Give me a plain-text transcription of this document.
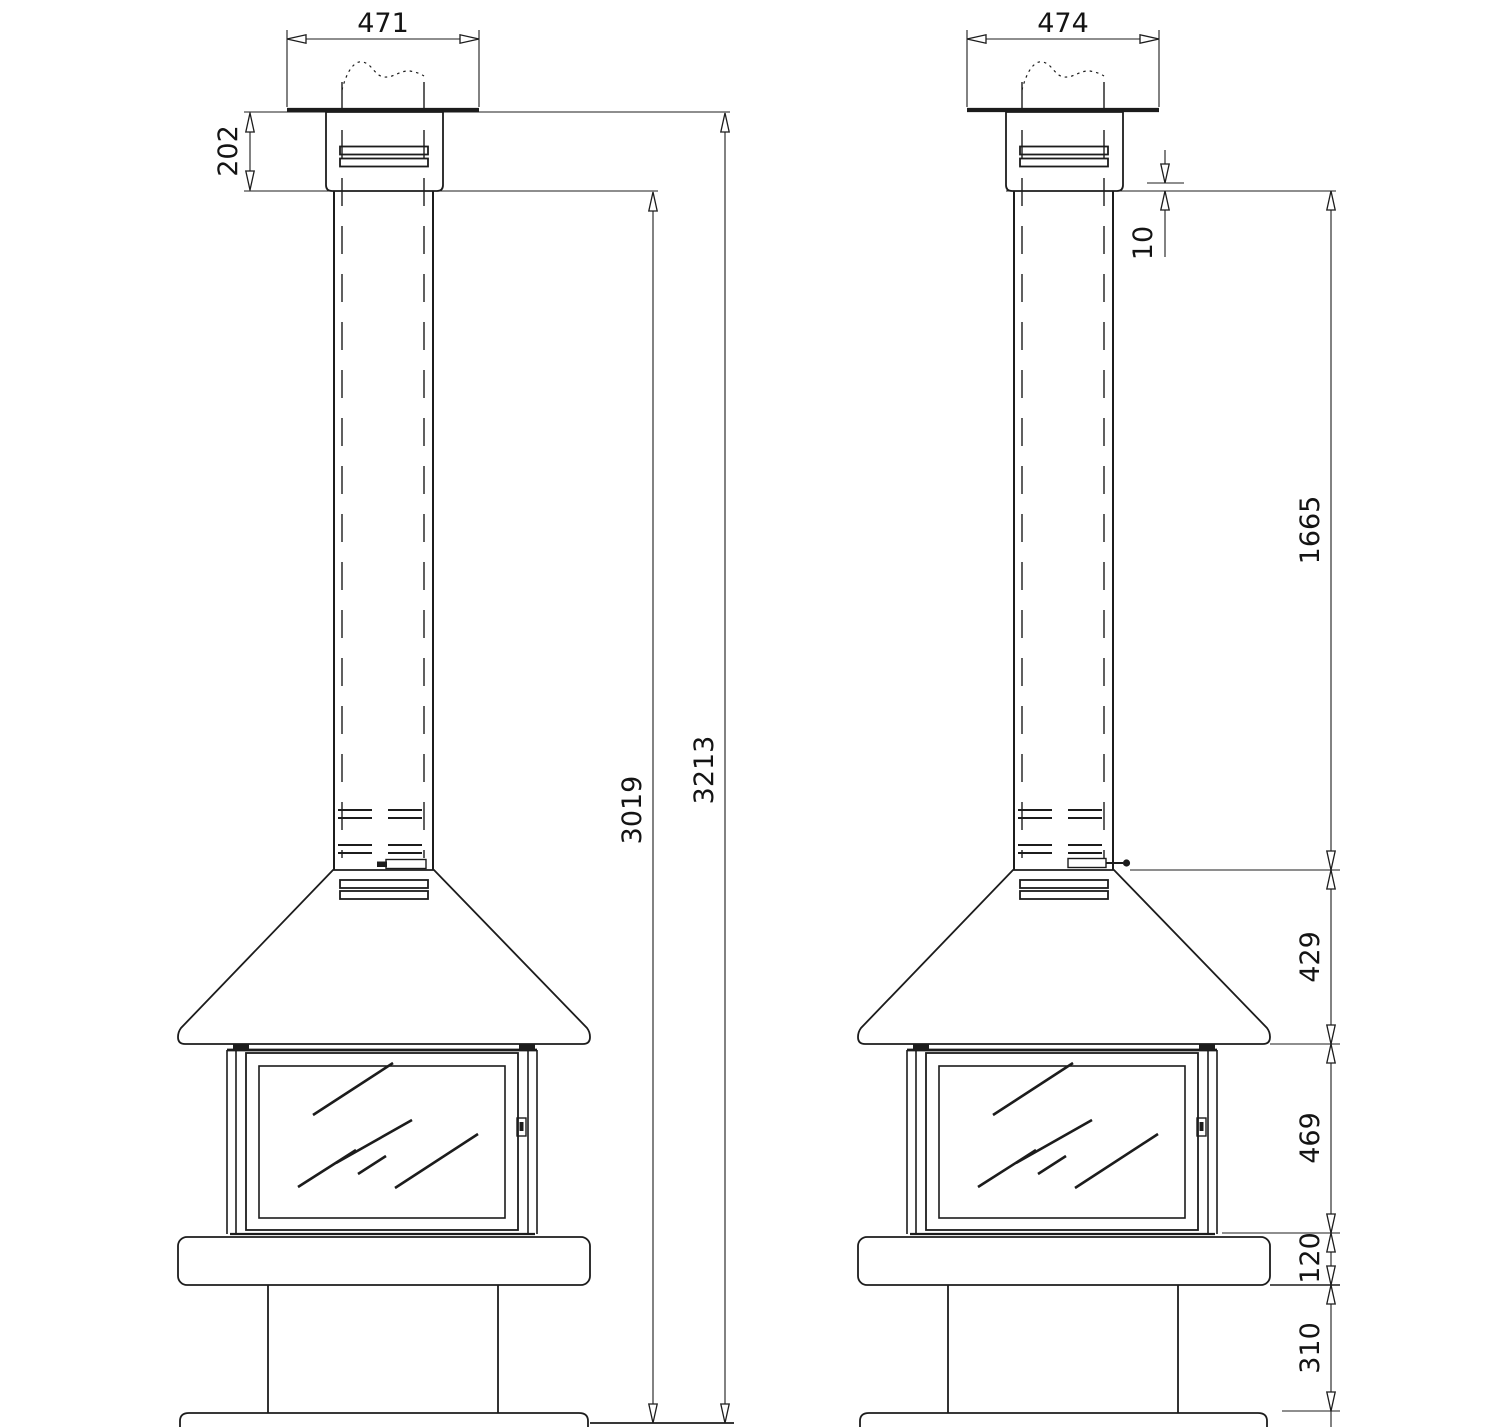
471
202
3019
3213
474
10
1665
429
469
120
310
